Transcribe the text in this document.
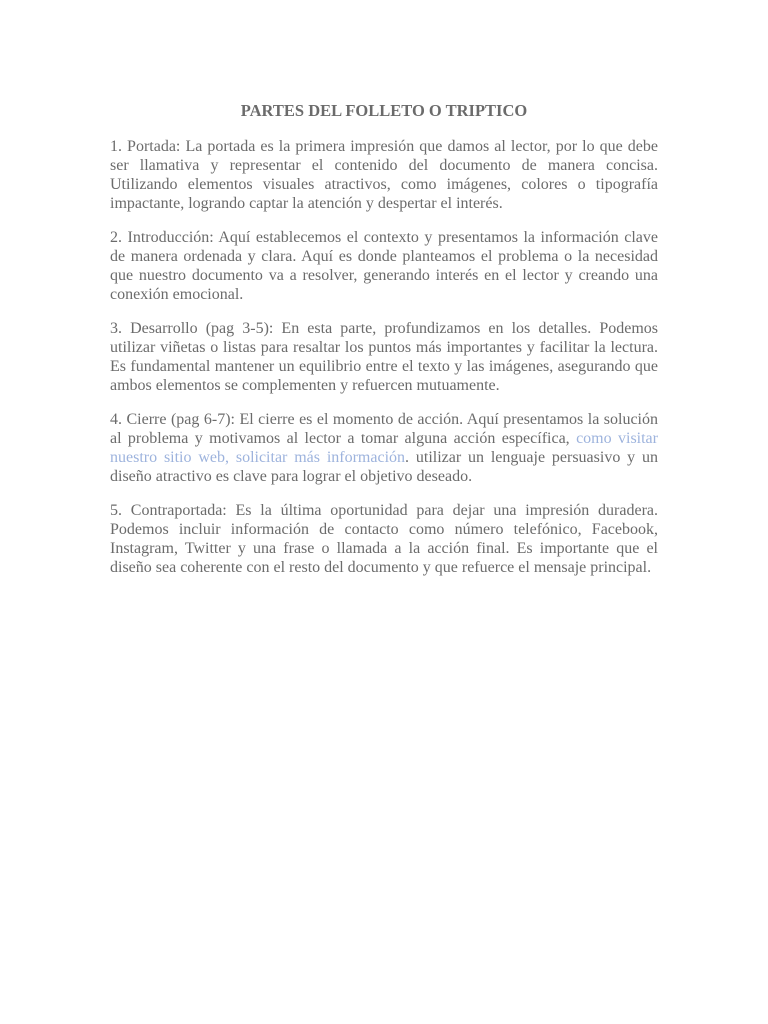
PARTES DEL FOLLETO O TRIPTICO

1. Portada: La portada es la primera impresión que damos al lector, por lo que debe ser llamativa y representar el contenido del documento de manera concisa. Utilizando elementos visuales atractivos, como imágenes, colores o tipografía impactante, logrando captar la atención y despertar el interés.

2. Introducción: Aquí establecemos el contexto y presentamos la información clave de manera ordenada y clara. Aquí es donde planteamos el problema o la necesidad que nuestro documento va a resolver, generando interés en el lector y creando una conexión emocional.

3. Desarrollo (pag 3-5): En esta parte, profundizamos en los detalles. Podemos utilizar viñetas o listas para resaltar los puntos más importantes y facilitar la lectura. Es fundamental mantener un equilibrio entre el texto y las imágenes, asegurando que ambos elementos se complementen y refuercen mutuamente.

4. Cierre (pag 6-7): El cierre es el momento de acción. Aquí presentamos la solución al problema y motivamos al lector a tomar alguna acción específica, como visitar nuestro sitio web, solicitar más información. utilizar un lenguaje persuasivo y un diseño atractivo es clave para lograr el objetivo deseado.

5. Contraportada: Es la última oportunidad para dejar una impresión duradera. Podemos incluir información de contacto como número telefónico, Facebook, Instagram, Twitter y una frase o llamada a la acción final. Es importante que el diseño sea coherente con el resto del documento y que refuerce el mensaje principal.
